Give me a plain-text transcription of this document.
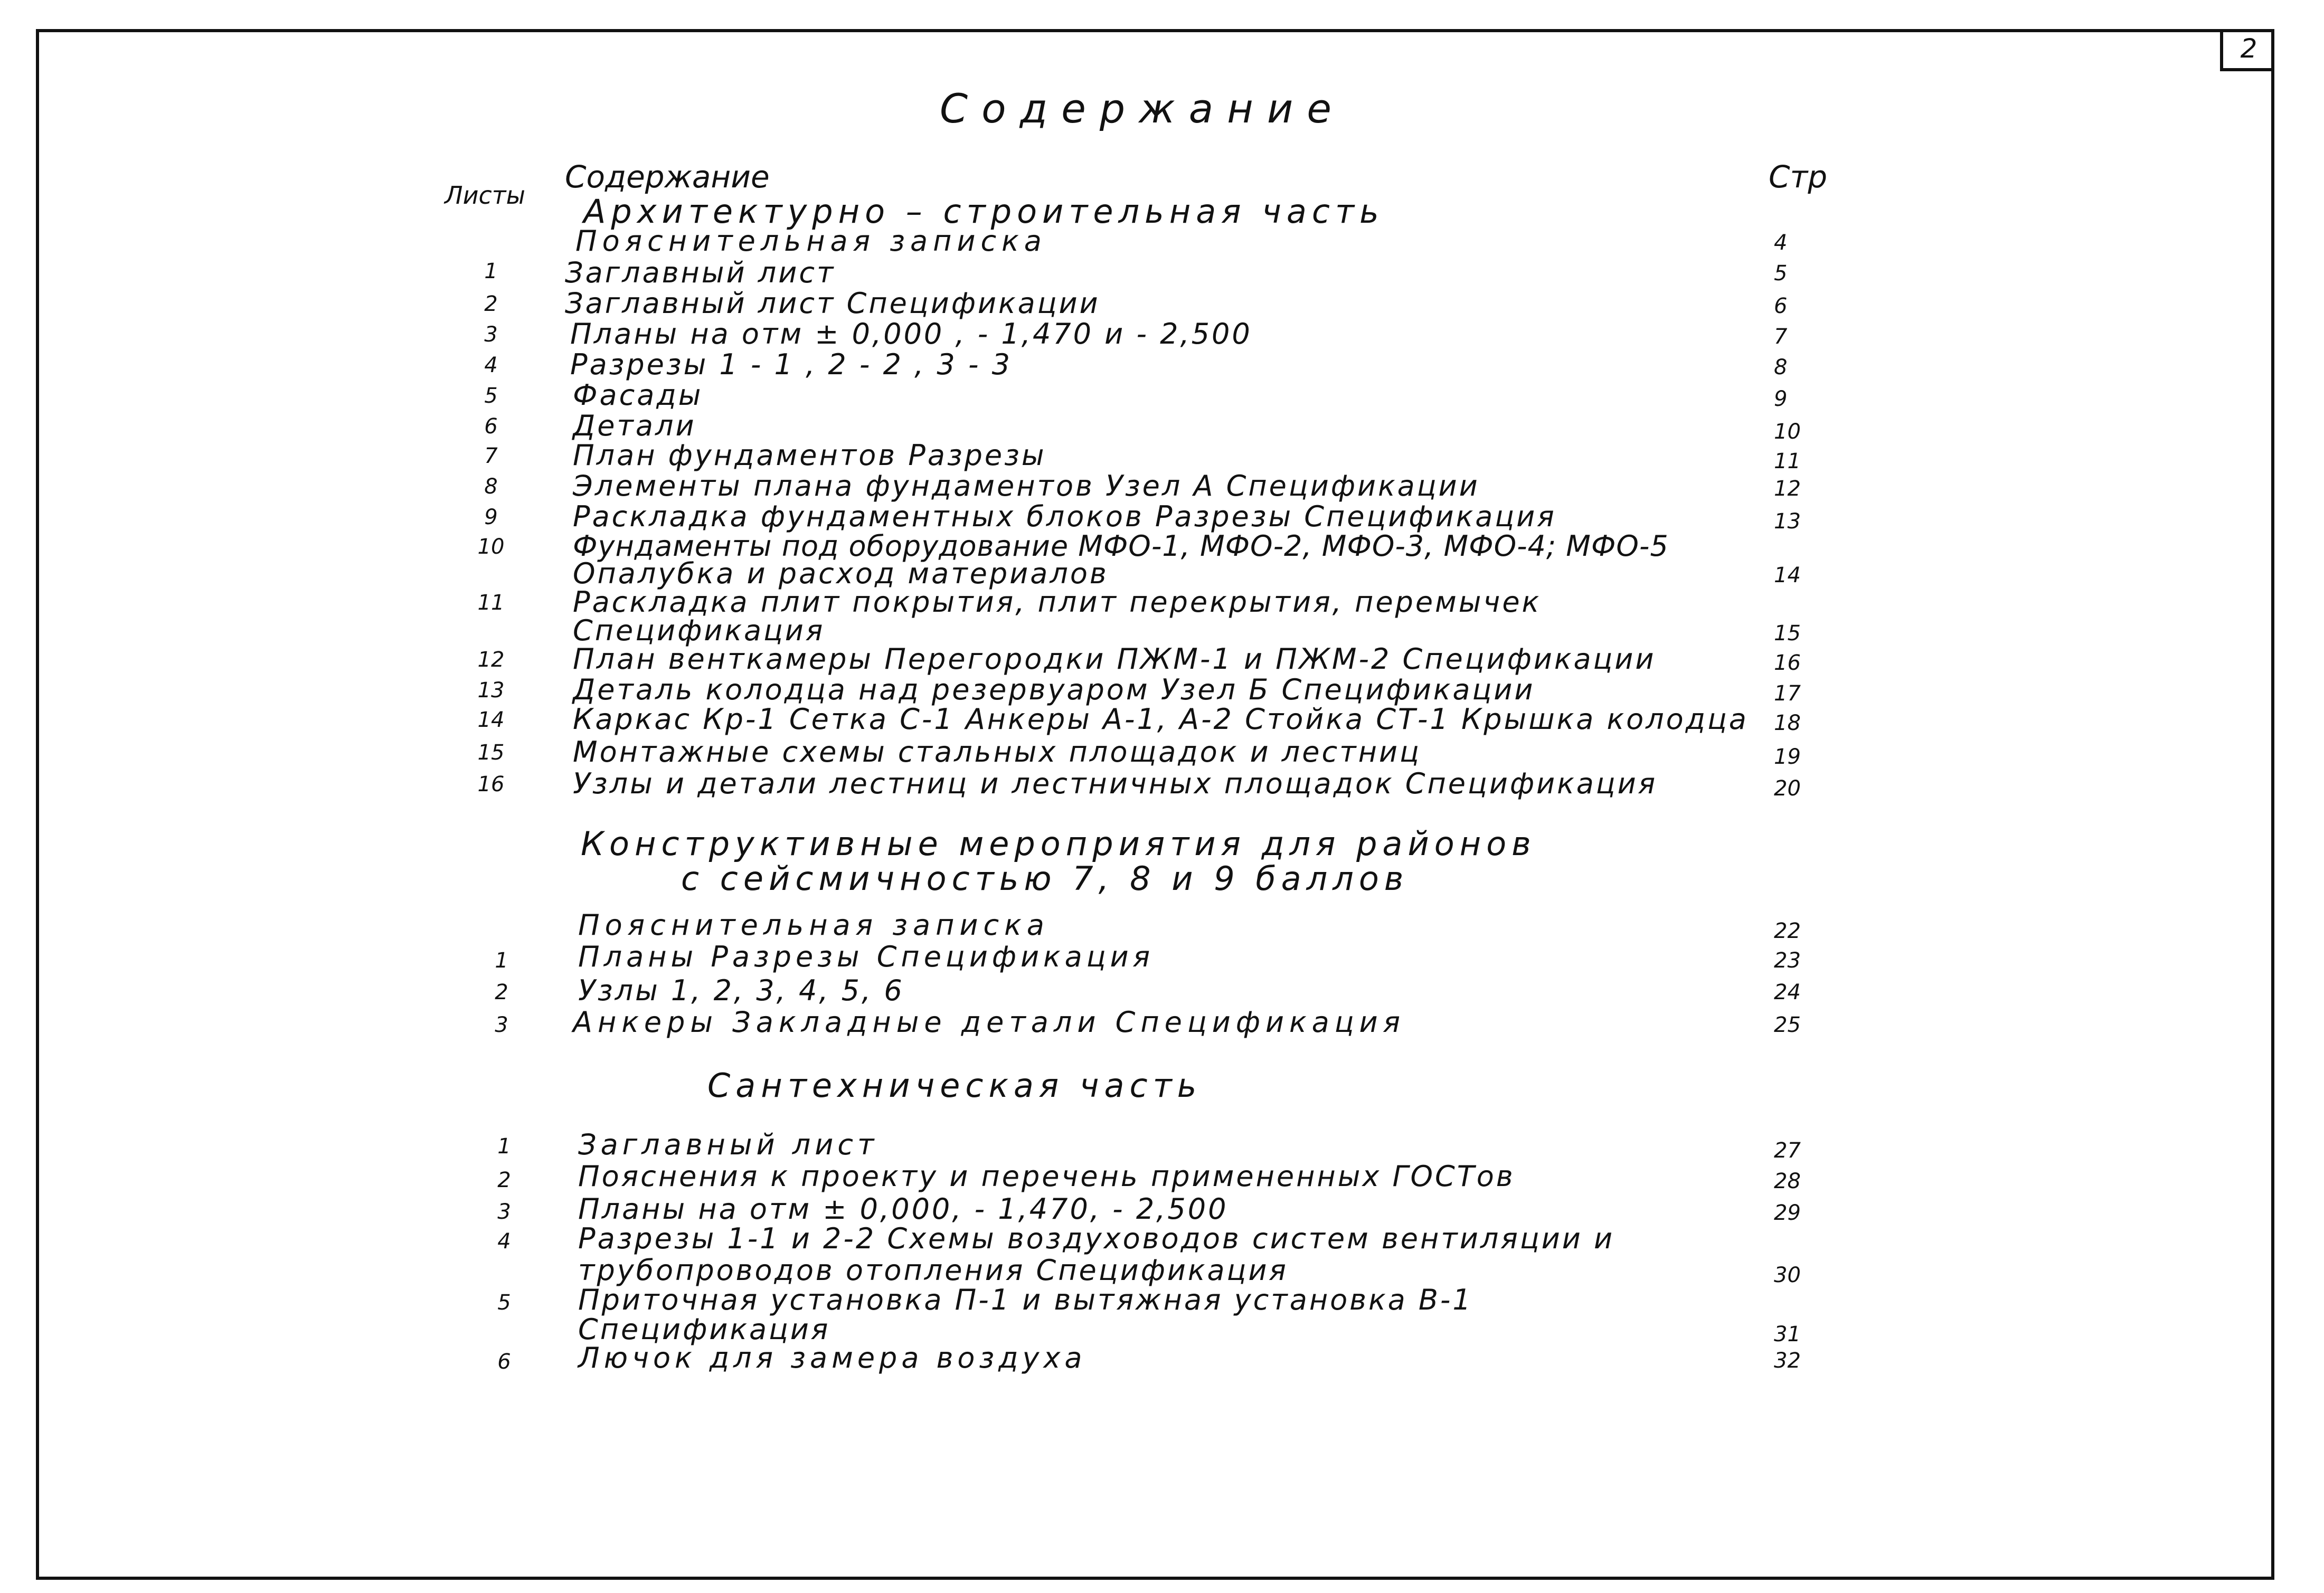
2
Содержание
Листы
Содержание	Стр
Архитектурно – строительная часть
Пояснительная записка	4
1	Заглавный лист	5
2	Заглавный лист Спецификации	6
3	Планы на отм ± 0,000 , - 1,470 и - 2,500	7
4	Разрезы 1 - 1 , 2 - 2 , 3 - 3	8
5	Фасады	9
6	Детали	10
7	План фундаментов Разрезы	11
8	Элементы плана фундаментов Узел А Спецификации	12
9	Раскладка фундаментных блоков Разрезы Спецификация	13
10	Фундаменты под оборудование МФО-1, МФО-2, МФО-3, МФО-4; МФО-5
Опалубка и расход материалов	14
11	Раскладка плит покрытия, плит перекрытия, перемычек
Спецификация	15
12	План венткамеры Перегородки ПЖМ-1 и ПЖМ-2 Спецификации	16
13	Деталь колодца над резервуаром Узел Б Спецификации	17
14	Каркас Кр-1 Сетка С-1 Анкеры А-1, А-2 Стойка СТ-1 Крышка колодца 18
15	Монтажные схемы стальных площадок и лестниц	19
16	Узлы и детали лестниц и лестничных площадок Спецификация	20
Конструктивные мероприятия для районов
с сейсмичностью 7, 8 и 9 баллов
Пояснительная записка	22
1	Планы Разрезы Спецификация	23
2	Узлы 1, 2, 3, 4, 5, 6	24
3	Анкеры Закладные детали Спецификация	25
Сантехническая часть
1	Заглавный лист	27
2	Пояснения к проекту и перечень примененных ГОСТов	28
3	Планы на отм ± 0,000, - 1,470, - 2,500	29
4	Разрезы 1-1 и 2-2 Схемы воздуховодов систем вентиляции и
трубопроводов отопления Спецификация	30
5	Приточная установка П-1 и вытяжная установка В-1
Спецификация	31
6	Лючок для замера воздуха	32
